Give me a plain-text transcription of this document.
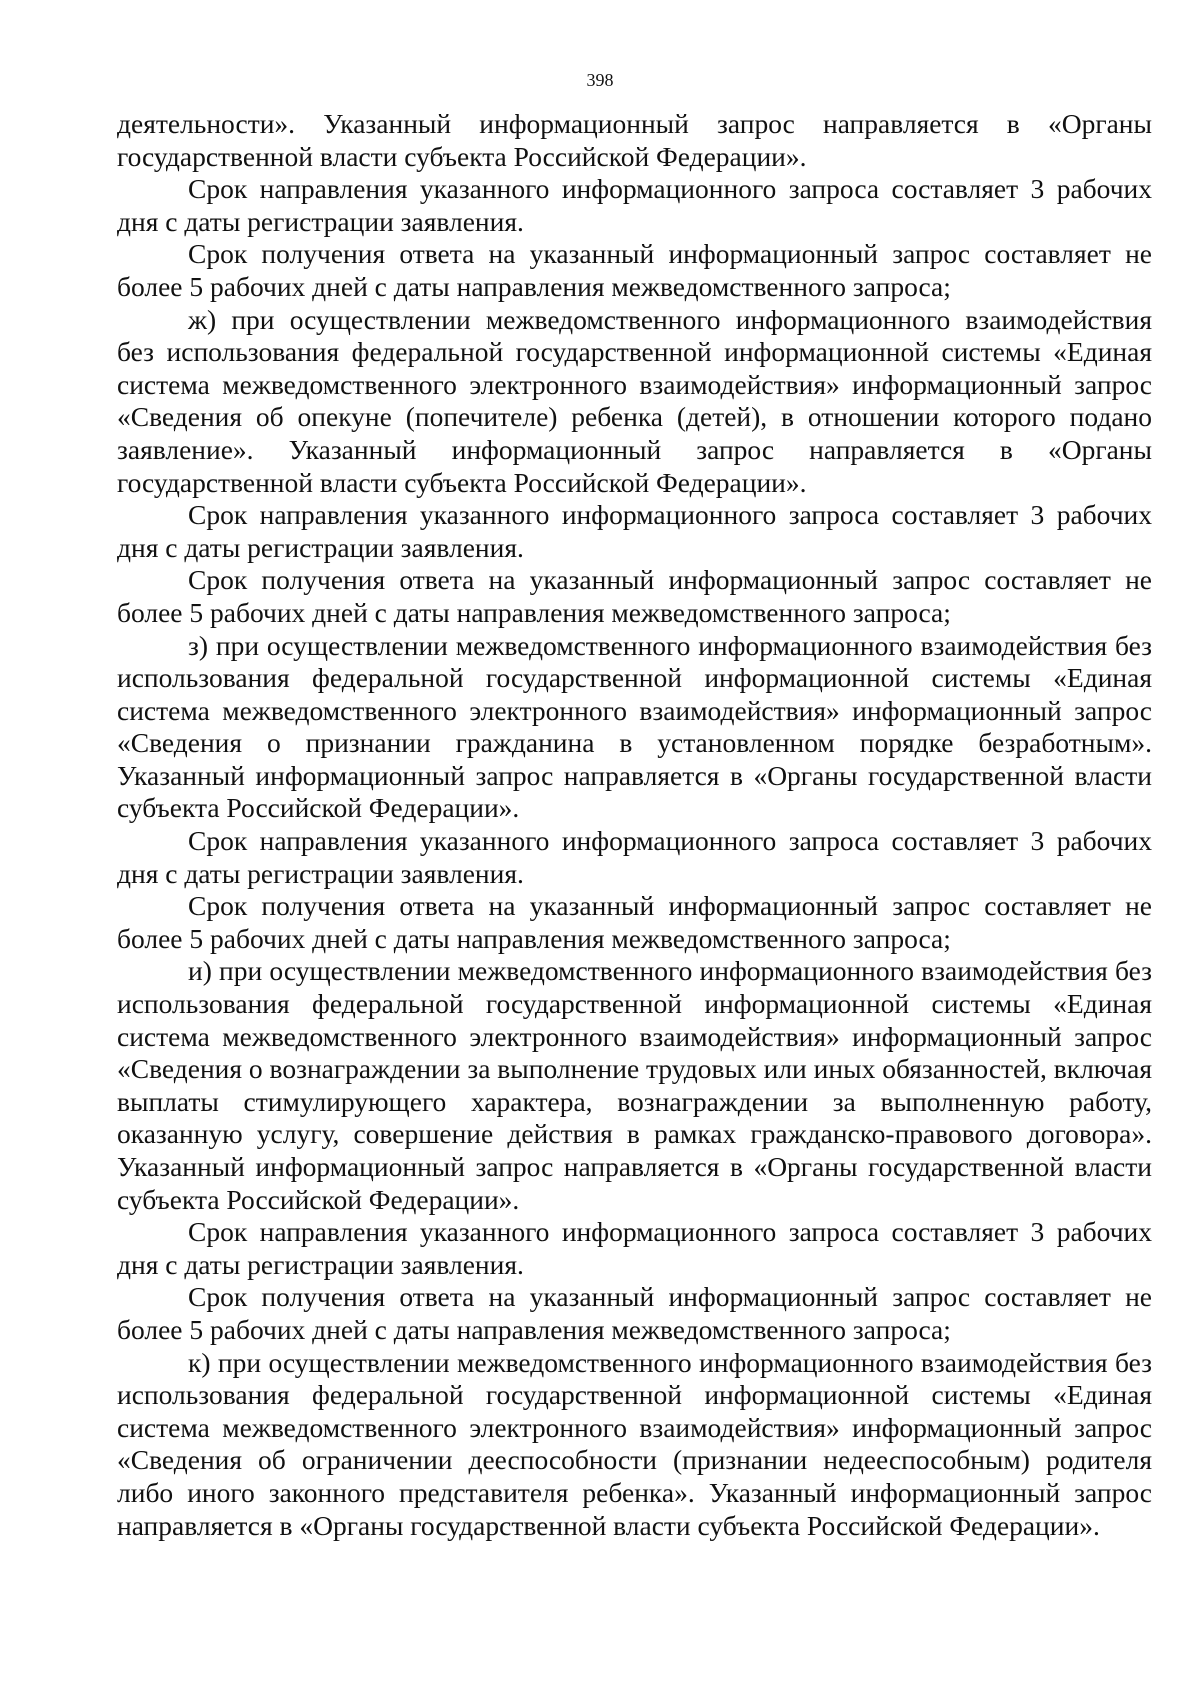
398

деятельности». Указанный информационный запрос направляется в «Органы государственной власти субъекта Российской Федерации».

Срок направления указанного информационного запроса составляет 3 рабочих дня с даты регистрации заявления.

Срок получения ответа на указанный информационный запрос составляет не более 5 рабочих дней с даты направления межведомственного запроса;

ж) при осуществлении межведомственного информационного взаимодействия без использования федеральной государственной информационной системы «Единая система межведомственного электронного взаимодействия» информационный запрос «Сведения об опекуне (попечителе) ребенка (детей), в отношении которого подано заявление». Указанный информационный запрос направляется в «Органы государственной власти субъекта Российской Федерации».

Срок направления указанного информационного запроса составляет 3 рабочих дня с даты регистрации заявления.

Срок получения ответа на указанный информационный запрос составляет не более 5 рабочих дней с даты направления межведомственного запроса;

з) при осуществлении межведомственного информационного взаимодействия без использования федеральной государственной информационной системы «Единая система межведомственного электронного взаимодействия» информационный запрос «Сведения о признании гражданина в установленном порядке безработным». Указанный информационный запрос направляется в «Органы государственной власти субъекта Российской Федерации».

Срок направления указанного информационного запроса составляет 3 рабочих дня с даты регистрации заявления.

Срок получения ответа на указанный информационный запрос составляет не более 5 рабочих дней с даты направления межведомственного запроса;

и) при осуществлении межведомственного информационного взаимодействия без использования федеральной государственной информационной системы «Единая система межведомственного электронного взаимодействия» информационный запрос «Сведения о вознаграждении за выполнение трудовых или иных обязанностей, включая выплаты стимулирующего характера, вознаграждении за выполненную работу, оказанную услугу, совершение действия в рамках гражданско-правового договора». Указанный информационный запрос направляется в «Органы государственной власти субъекта Российской Федерации».

Срок направления указанного информационного запроса составляет 3 рабочих дня с даты регистрации заявления.

Срок получения ответа на указанный информационный запрос составляет не более 5 рабочих дней с даты направления межведомственного запроса;

к) при осуществлении межведомственного информационного взаимодействия без использования федеральной государственной информационной системы «Единая система межведомственного электронного взаимодействия» информационный запрос «Сведения об ограничении дееспособности (признании недееспособным) родителя либо иного законного представителя ребенка». Указанный информационный запрос направляется в «Органы государственной власти субъекта Российской Федерации».
